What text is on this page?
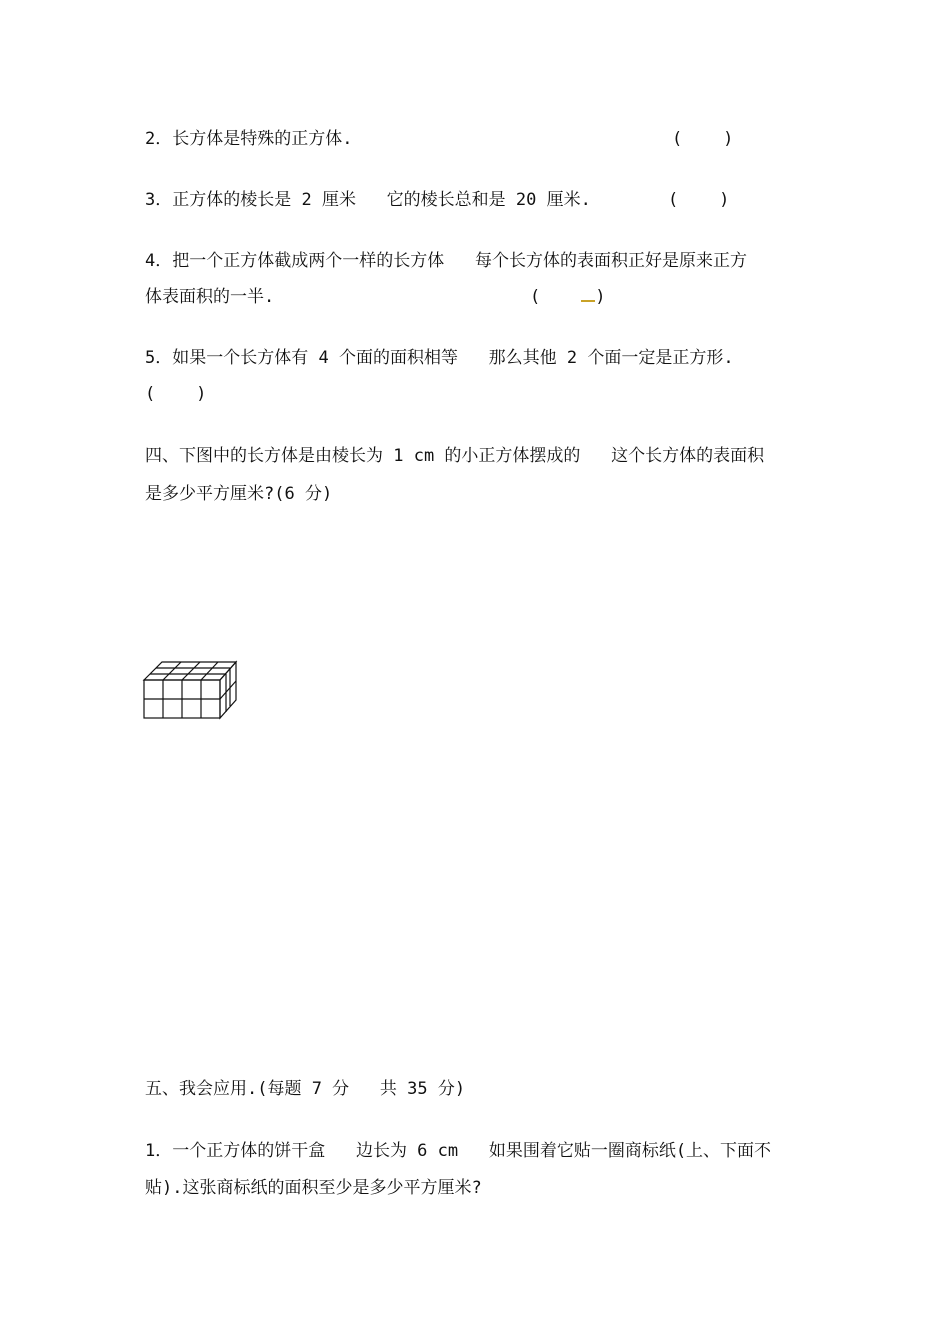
2．长方体是特殊的正方体.	(    )
3．正方体的棱长是 2 厘米   它的棱长总和是 20 厘米.	(    )
4．把一个正方体截成两个一样的长方体   每个长方体的表面积正好是原来正方
体表面积的一半.	(    )
5．如果一个长方体有 4 个面的面积相等   那么其他 2 个面一定是正方形.
(    )
四、下图中的长方体是由棱长为 1 cm 的小正方体摆成的   这个长方体的表面积
是多少平方厘米?(6 分)
五、我会应用.(每题 7 分   共 35 分)
1．一个正方体的饼干盒   边长为 6 cm   如果围着它贴一圈商标纸(上、下面不
贴).这张商标纸的面积至少是多少平方厘米?
